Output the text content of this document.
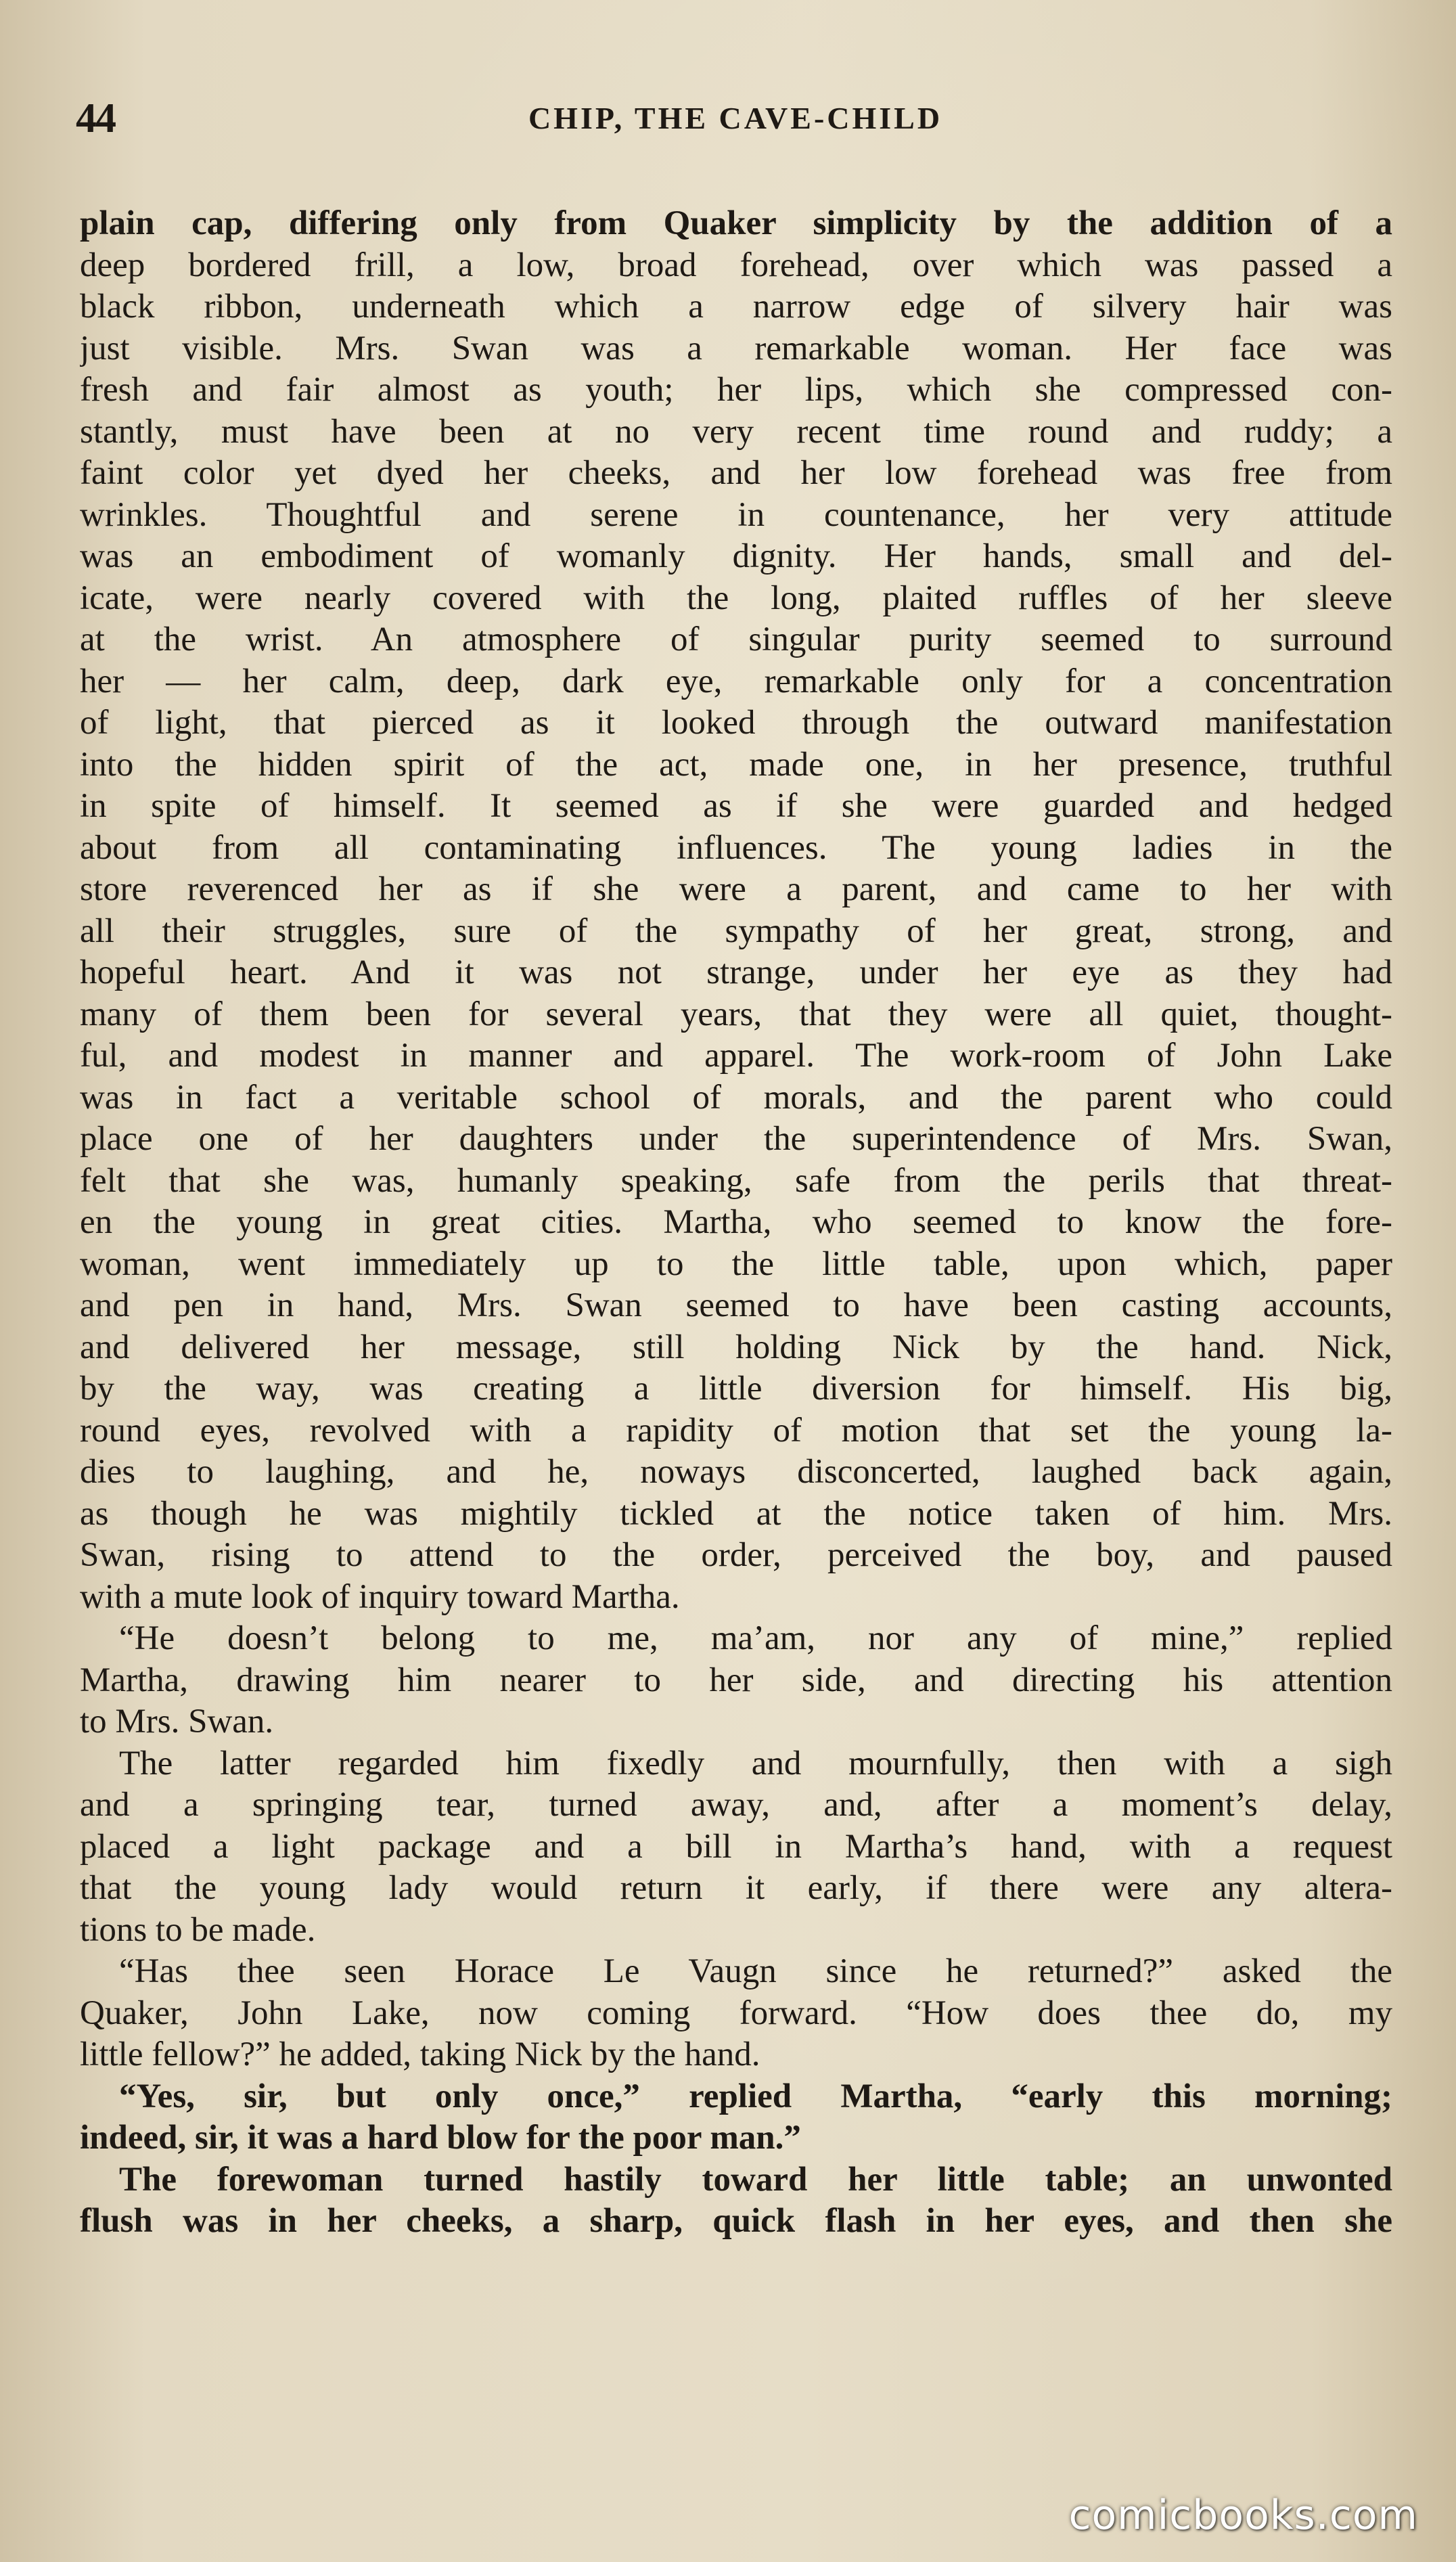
44	CHIP, THE CAVE-CHILD
plain cap, differing only from Quaker simplicity by the addition of a
deep bordered frill, a low, broad forehead, over which was passed a
black ribbon, underneath which a narrow edge of silvery hair was
just visible. Mrs. Swan was a remarkable woman. Her face was
fresh and fair almost as youth; her lips, which she compressed con-
stantly, must have been at no very recent time round and ruddy; a
faint color yet dyed her cheeks, and her low forehead was free from
wrinkles. Thoughtful and serene in countenance, her very attitude
was an embodiment of womanly dignity. Her hands, small and del-
icate, were nearly covered with the long, plaited ruffles of her sleeve
at the wrist. An atmosphere of singular purity seemed to surround
her — her calm, deep, dark eye, remarkable only for a concentration
of light, that pierced as it looked through the outward manifestation
into the hidden spirit of the act, made one, in her presence, truthful
in spite of himself. It seemed as if she were guarded and hedged
about from all contaminating influences. The young ladies in the
store reverenced her as if she were a parent, and came to her with
all their struggles, sure of the sympathy of her great, strong, and
hopeful heart. And it was not strange, under her eye as they had
many of them been for several years, that they were all quiet, thought-
ful, and modest in manner and apparel. The work-room of John Lake
was in fact a veritable school of morals, and the parent who could
place one of her daughters under the superintendence of Mrs. Swan,
felt that she was, humanly speaking, safe from the perils that threat-
en the young in great cities. Martha, who seemed to know the fore-
woman, went immediately up to the little table, upon which, paper
and pen in hand, Mrs. Swan seemed to have been casting accounts,
and delivered her message, still holding Nick by the hand. Nick,
by the way, was creating a little diversion for himself. His big,
round eyes, revolved with a rapidity of motion that set the young la-
dies to laughing, and he, noways disconcerted, laughed back again,
as though he was mightily tickled at the notice taken of him. Mrs.
Swan, rising to attend to the order, perceived the boy, and paused
with a mute look of inquiry toward Martha.
“He doesn’t belong to me, ma’am, nor any of mine,” replied
Martha, drawing him nearer to her side, and directing his attention
to Mrs. Swan.
The latter regarded him fixedly and mournfully, then with a sigh
and a springing tear, turned away, and, after a moment’s delay,
placed a light package and a bill in Martha’s hand, with a request
that the young lady would return it early, if there were any altera-
tions to be made.
“Has thee seen Horace Le Vaugn since he returned?” asked the
Quaker, John Lake, now coming forward. “How does thee do, my
little fellow?” he added, taking Nick by the hand.
“Yes, sir, but only once,” replied Martha, “early this morning;
indeed, sir, it was a hard blow for the poor man.”
The forewoman turned hastily toward her little table; an unwonted
flush was in her cheeks, a sharp, quick flash in her eyes, and then she
comicbooks.com
